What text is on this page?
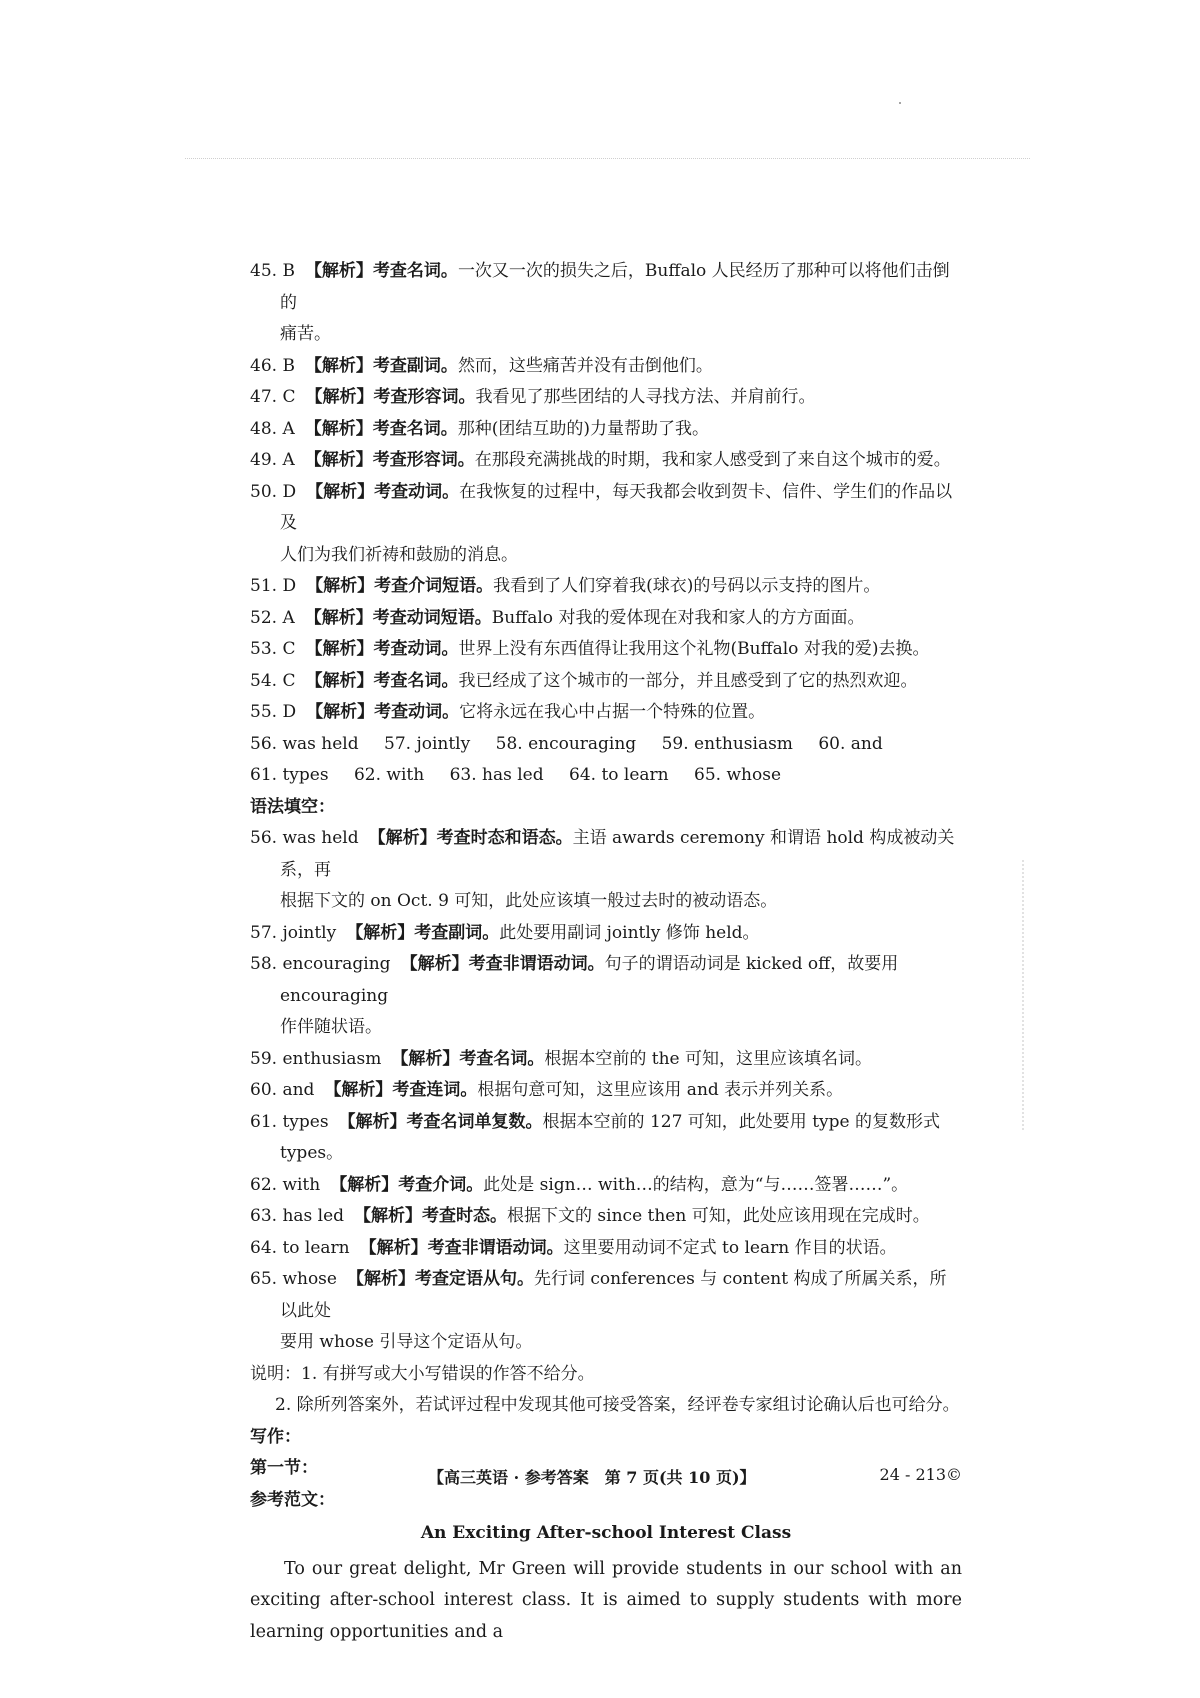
45. B 【解析】考查名词。一次又一次的损失之后，Buffalo 人民经历了那种可以将他们击倒的
痛苦。
46. B 【解析】考查副词。然而，这些痛苦并没有击倒他们。
47. C 【解析】考查形容词。我看见了那些团结的人寻找方法、并肩前行。
48. A 【解析】考查名词。那种(团结互助的)力量帮助了我。
49. A 【解析】考查形容词。在那段充满挑战的时期，我和家人感受到了来自这个城市的爱。
50. D 【解析】考查动词。在我恢复的过程中，每天我都会收到贺卡、信件、学生们的作品以及
人们为我们祈祷和鼓励的消息。
51. D 【解析】考查介词短语。我看到了人们穿着我(球衣)的号码以示支持的图片。
52. A 【解析】考查动词短语。Buffalo 对我的爱体现在对我和家人的方方面面。
53. C 【解析】考查动词。世界上没有东西值得让我用这个礼物(Buffalo 对我的爱)去换。
54. C 【解析】考查名词。我已经成了这个城市的一部分，并且感受到了它的热烈欢迎。
55. D 【解析】考查动词。它将永远在我心中占据一个特殊的位置。
56. was held 57. jointly 58. encouraging 59. enthusiasm 60. and
61. types 62. with 63. has led 64. to learn 65. whose
语法填空：
56. was held 【解析】考查时态和语态。主语 awards ceremony 和谓语 hold 构成被动关系，再
根据下文的 on Oct. 9 可知，此处应该填一般过去时的被动语态。
57. jointly 【解析】考查副词。此处要用副词 jointly 修饰 held。
58. encouraging 【解析】考查非谓语动词。句子的谓语动词是 kicked off，故要用 encouraging
作伴随状语。
59. enthusiasm 【解析】考查名词。根据本空前的 the 可知，这里应该填名词。
60. and 【解析】考查连词。根据句意可知，这里应该用 and 表示并列关系。
61. types 【解析】考查名词单复数。根据本空前的 127 可知，此处要用 type 的复数形式 types。
62. with 【解析】考查介词。此处是 sign… with…的结构，意为“与……签署……”。
63. has led 【解析】考查时态。根据下文的 since then 可知，此处应该用现在完成时。
64. to learn 【解析】考查非谓语动词。这里要用动词不定式 to learn 作目的状语。
65. whose 【解析】考查定语从句。先行词 conferences 与 content 构成了所属关系，所以此处
要用 whose 引导这个定语从句。
说明：1. 有拼写或大小写错误的作答不给分。
2. 除所列答案外，若试评过程中发现其他可接受答案，经评卷专家组讨论确认后也可给分。
写作：
第一节：
参考范文：
An Exciting After-school Interest Class
To our great delight, Mr Green will provide students in our school with an exciting after-school interest class. It is aimed to supply students with more learning opportunities and a
【高三英语 · 参考答案　第 7 页(共 10 页)】	24 - 213©
